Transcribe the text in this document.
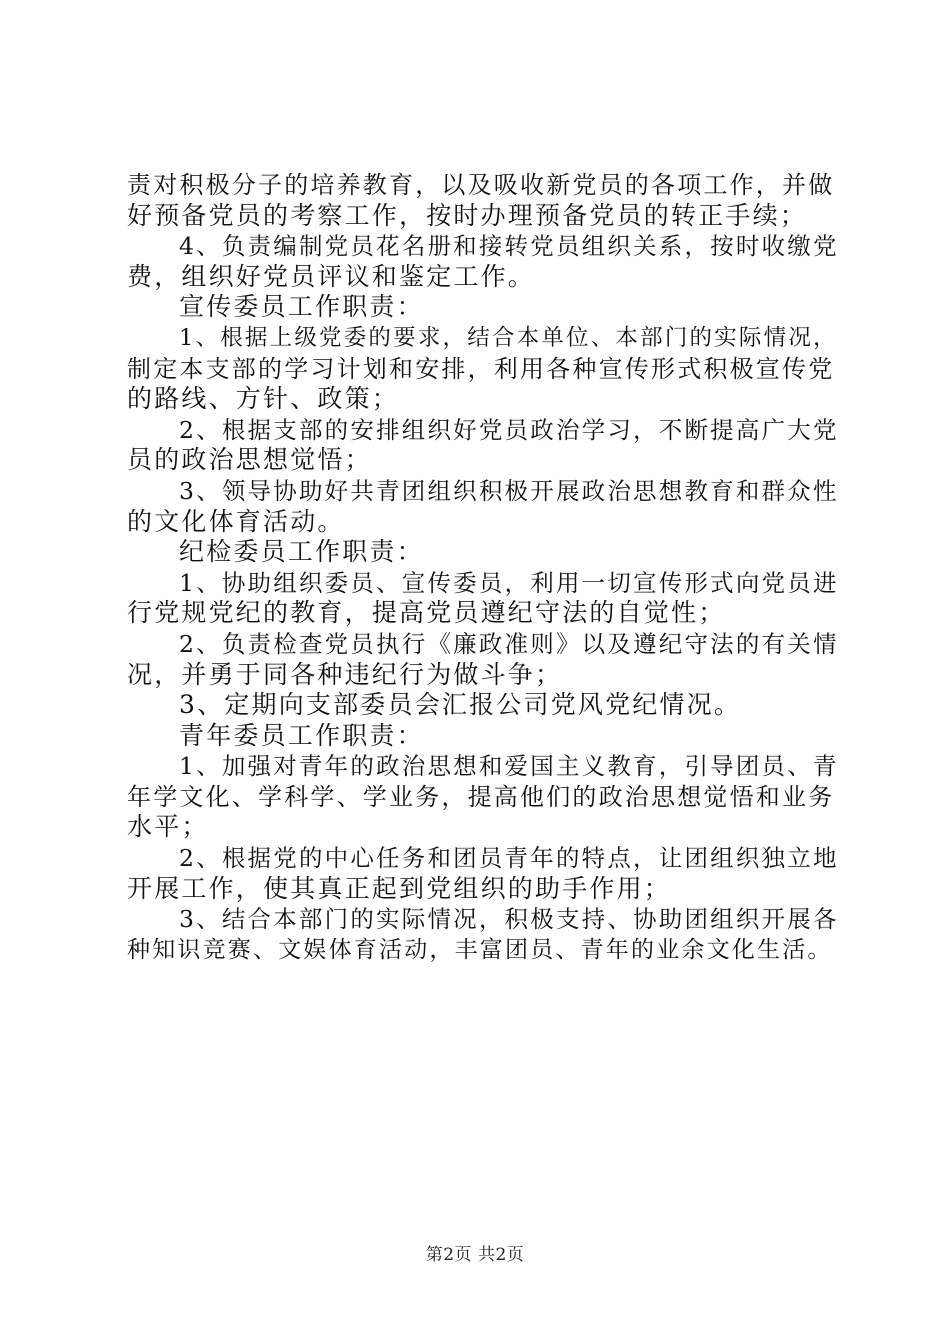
责对积极分子的培养教育，以及吸收新党员的各项工作，并做
好预备党员的考察工作，按时办理预备党员的转正手续；
4、负责编制党员花名册和接转党员组织关系，按时收缴党
费，组织好党员评议和鉴定工作。
宣传委员工作职责：
1、根据上级党委的要求，结合本单位、本部门的实际情况，
制定本支部的学习计划和安排，利用各种宣传形式积极宣传党
的路线、方针、政策；
2、根据支部的安排组织好党员政治学习，不断提高广大党
员的政治思想觉悟；
3、领导协助好共青团组织积极开展政治思想教育和群众性
的文化体育活动。
纪检委员工作职责：
1、协助组织委员、宣传委员，利用一切宣传形式向党员进
行党规党纪的教育，提高党员遵纪守法的自觉性；
2、负责检查党员执行《廉政准则》以及遵纪守法的有关情
况，并勇于同各种违纪行为做斗争；
3、定期向支部委员会汇报公司党风党纪情况。
青年委员工作职责：
1、加强对青年的政治思想和爱国主义教育，引导团员、青
年学文化、学科学、学业务，提高他们的政治思想觉悟和业务
水平；
2、根据党的中心任务和团员青年的特点，让团组织独立地
开展工作，使其真正起到党组织的助手作用；
3、结合本部门的实际情况，积极支持、协助团组织开展各
种知识竞赛、文娱体育活动，丰富团员、青年的业余文化生活。
第2页 共2页
